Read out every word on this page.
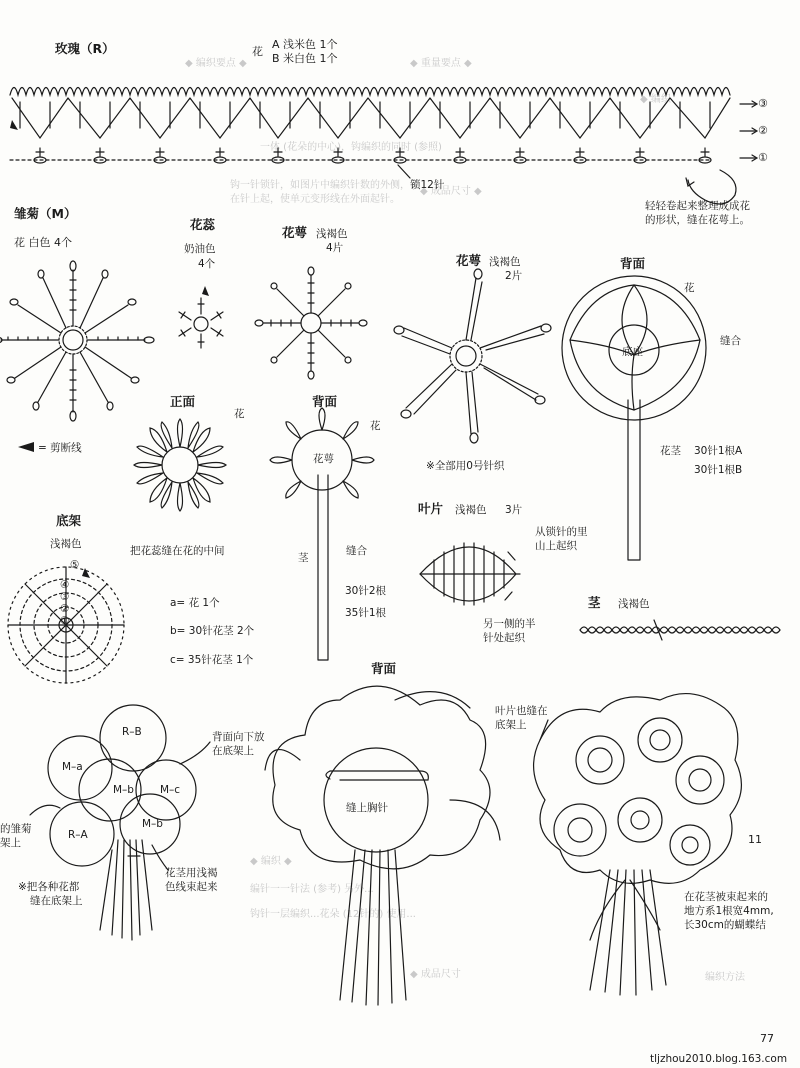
◆ 编织要点 ◆	◆ 重量要点 ◆
◆ 编织
一体 (花朵的中心)，钩编织的同时 (参照)
钩一针锁针，如图片中编织针数的外侧，花
在针上起，使单元变形线在外面起针。
◆ 成品尺寸 ◆
◆ 编织 ◆
编针一一针法 (参考) 另外...
钩针一层编织...花朵 (12针的) 使用...
◆ 成品尺寸	编织方法
玫瑰（R）	花
A 浅米色 1个
B 米白色 1个
③
②
①
锁12针
轻轻卷起来整理成成花
的形状，缝在花萼上。
雏菊（M）
花 白色 4个
花蕊
奶油色
4个
花萼 浅褐色
4片
= 剪断线
正面
花
把花蕊缝在花的中间
背面
花
花萼
茎
缝合
30针2根
35针1根
花萼 浅褐色
2片
※全部用0号针织
背面
花
缝合
底座
花茎 30针1根A
30针1根B
叶片 浅褐色 3片
从锁针的里
山上起织
另一侧的半
针处起织
茎 浅褐色
底架
浅褐色
⑤
④
③
②
①
a= 花 1个
b= 30针花茎 2个
c= 35针花茎 1个
R–B
M–a
M–b M–c
M–b
R–A
背面向下放
在底架上
的雏菊
架上
※把各种花都
缝在底架上
花茎用浅褐
色线束起来
背面
缝上胸针
叶片也缝在
底架上
11
在花茎被束起来的
地方系1根宽4mm,
长30cm的蝴蝶结
77
tljzhou2010.blog.163.com
